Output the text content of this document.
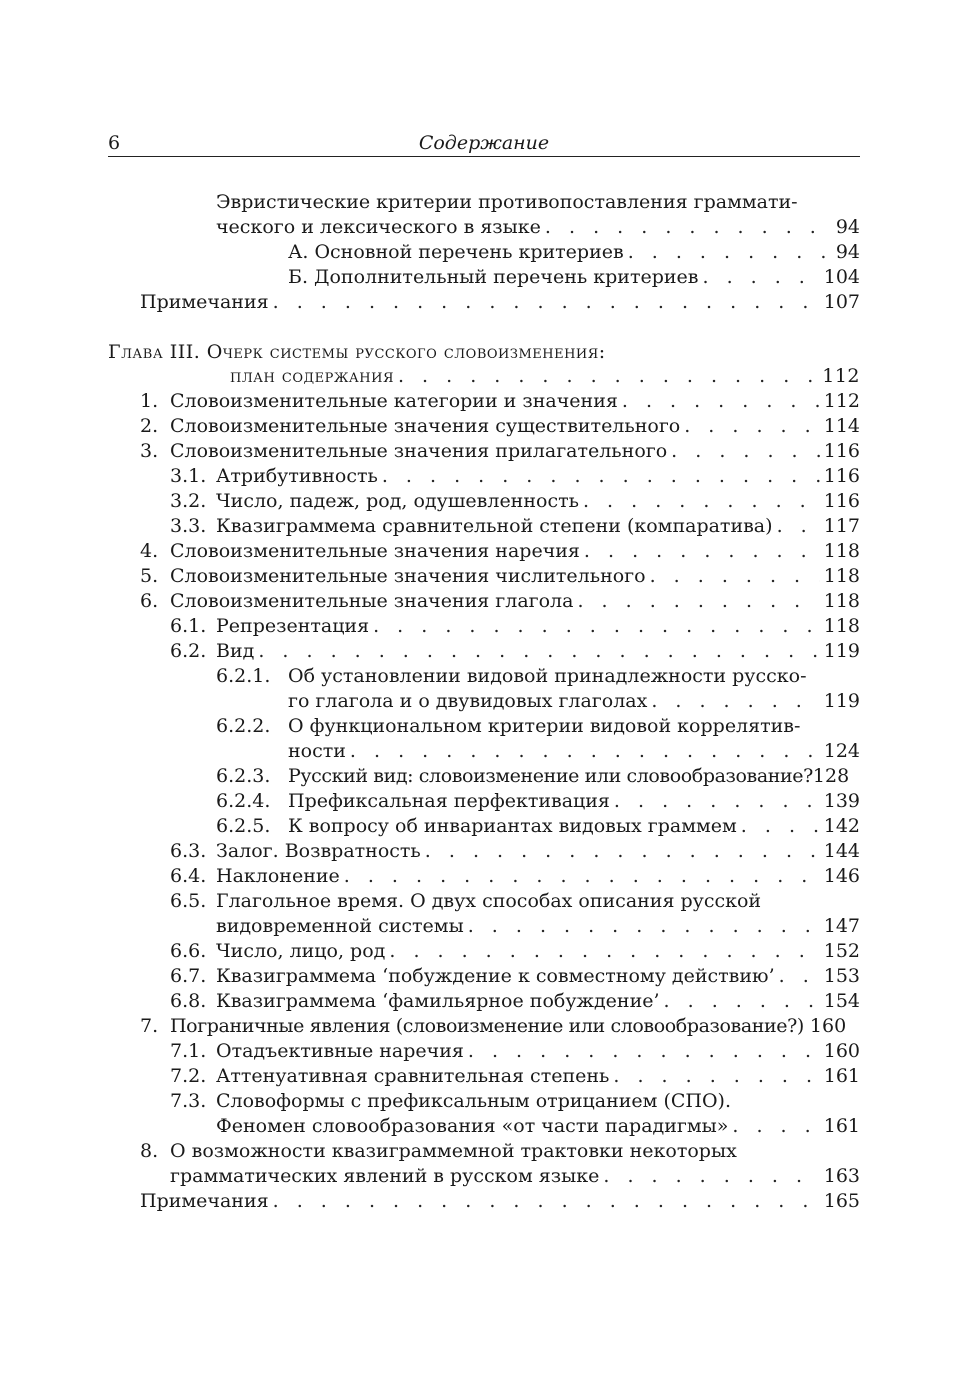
6	Содержание
Эвристические критерии противопоставления граммати-
ческого и лексического в языке . . .	94
А. Основной перечень критериев . . .	94
Б. Дополнительный перечень критериев . . .	104
Примечания . . .	107
Глава III. Очерк системы русского словоизменения:
план содержания . . .	112
1. Словоизменительные категории и значения . . .	112
2. Словоизменительные значения существительного . . .	114
3. Словоизменительные значения прилагательного . . .	116
3.1. Атрибутивность . . .	116
3.2. Число, падеж, род, одушевленность . . .	116
3.3. Квазиграммема сравнительной степени (компаратива) . . .	117
4. Словоизменительные значения наречия . . .	118
5. Словоизменительные значения числительного . . .	118
6. Словоизменительные значения глагола . . .	118
6.1. Репрезентация . . .	118
6.2. Вид . . .	119
6.2.1. Об установлении видовой принадлежности русско-
го глагола и о двувидовых глаголах . . .	119
6.2.2. О функциональном критерии видовой коррелятив-
ности . . .	124
6.2.3. Русский вид: словоизменение или словообразование? 128
6.2.4. Префиксальная перфективация . . .	139
6.2.5. К вопросу об инвариантах видовых граммем . . .	142
6.3. Залог. Возвратность . . .	144
6.4. Наклонение . . .	146
6.5. Глагольное время. О двух способах описания русской
видовременной системы . . .	147
6.6. Число, лицо, род . . .	152
6.7. Квазиграммема ‘побуждение к совместному действию’ . . .	153
6.8. Квазиграммема ‘фамильярное побуждение’ . . .	154
7. Пограничные явления (словоизменение или словообразование?) 160
7.1. Отадъективные наречия . . .	160
7.2. Аттенуативная сравнительная степень . . .	161
7.3. Словоформы с префиксальным отрицанием (СПО).
Феномен словообразования «от части парадигмы» . . .	161
8. О возможности квазиграммемной трактовки некоторых
грамматических явлений в русском языке . . .	163
Примечания . . .	165
